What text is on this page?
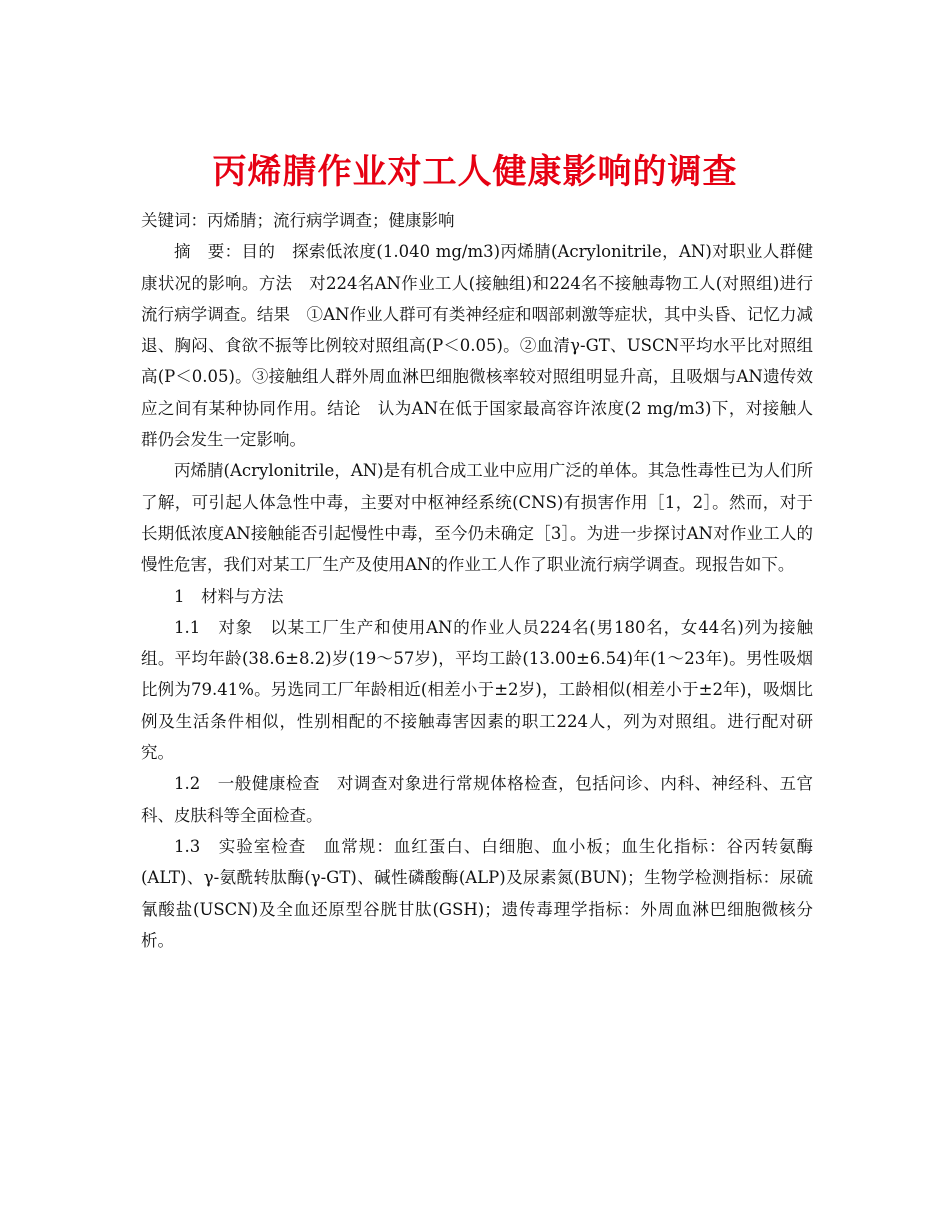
丙烯腈作业对工人健康影响的调查

关键词：丙烯腈；流行病学调查；健康影响

摘　要：目的　探索低浓度(1.040 mg/m3)丙烯腈(Acrylonitrile，AN)对职业人群健康状况的影响。方法　对224名AN作业工人(接触组)和224名不接触毒物工人(对照组)进行流行病学调查。结果　①AN作业人群可有类神经症和咽部刺激等症状，其中头昏、记忆力减退、胸闷、食欲不振等比例较对照组高(P＜0.05)。②血清γ-GT、USCN平均水平比对照组高(P＜0.05)。③接触组人群外周血淋巴细胞微核率较对照组明显升高，且吸烟与AN遗传效应之间有某种协同作用。结论　认为AN在低于国家最高容许浓度(2 mg/m3)下，对接触人群仍会发生一定影响。

丙烯腈(Acrylonitrile，AN)是有机合成工业中应用广泛的单体。其急性毒性已为人们所了解，可引起人体急性中毒，主要对中枢神经系统(CNS)有损害作用［1，2］。然而，对于长期低浓度AN接触能否引起慢性中毒，至今仍未确定［3］。为进一步探讨AN对作业工人的慢性危害，我们对某工厂生产及使用AN的作业工人作了职业流行病学调查。现报告如下。

1　材料与方法

1.1　对象　以某工厂生产和使用AN的作业人员224名(男180名，女44名)列为接触组。平均年龄(38.6±8.2)岁(19～57岁)，平均工龄(13.00±6.54)年(1～23年)。男性吸烟比例为79.41%。另选同工厂年龄相近(相差小于±2岁)，工龄相似(相差小于±2年)，吸烟比例及生活条件相似，性别相配的不接触毒害因素的职工224人，列为对照组。进行配对研究。

1.2　一般健康检查　对调查对象进行常规体格检查，包括问诊、内科、神经科、五官科、皮肤科等全面检查。

1.3　实验室检查　血常规：血红蛋白、白细胞、血小板；血生化指标：谷丙转氨酶(ALT)、γ-氨酰转肽酶(γ-GT)、碱性磷酸酶(ALP)及尿素氮(BUN)；生物学检测指标：尿硫氰酸盐(USCN)及全血还原型谷胱甘肽(GSH)；遗传毒理学指标：外周血淋巴细胞微核分析。
